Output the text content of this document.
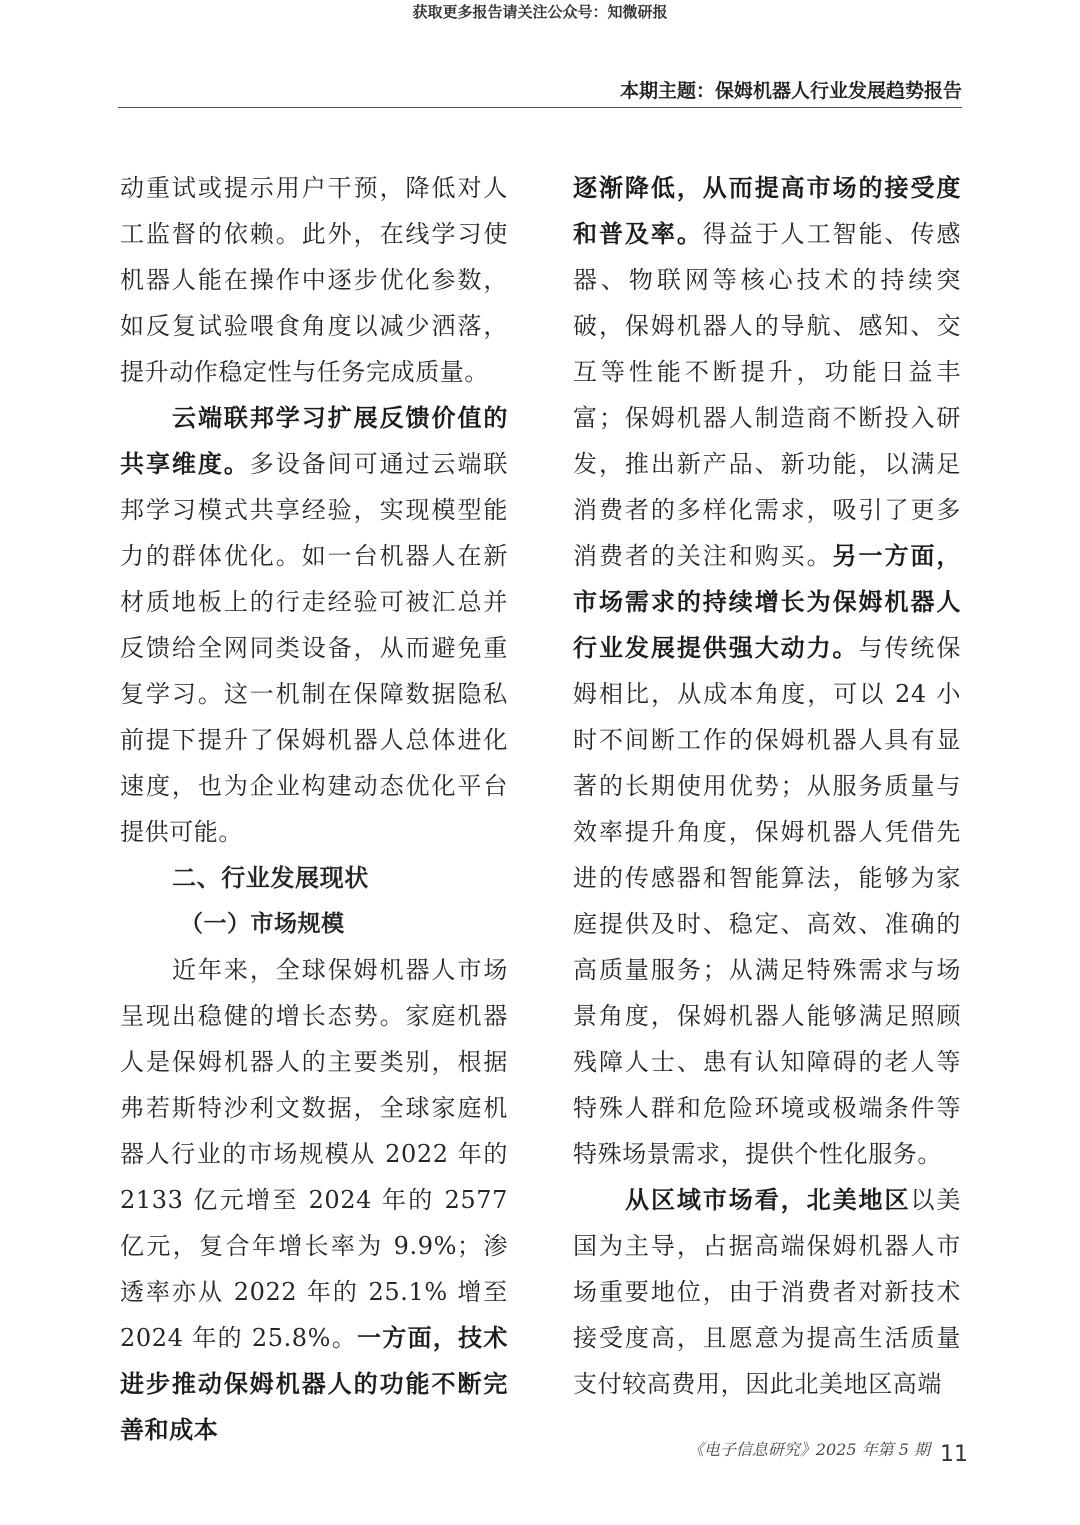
获取更多报告请关注公众号：知微研报
本期主题：保姆机器人行业发展趋势报告

动重试或提示用户干预，降低对人工监督的依赖。此外，在线学习使机器人能在操作中逐步优化参数，如反复试验喂食角度以减少洒落，提升动作稳定性与任务完成质量。

云端联邦学习扩展反馈价值的共享维度。多设备间可通过云端联邦学习模式共享经验，实现模型能力的群体优化。如一台机器人在新材质地板上的行走经验可被汇总并反馈给全网同类设备，从而避免重复学习。这一机制在保障数据隐私前提下提升了保姆机器人总体进化速度，也为企业构建动态优化平台提供可能。

二、行业发展现状
（一）市场规模

近年来，全球保姆机器人市场呈现出稳健的增长态势。家庭机器人是保姆机器人的主要类别，根据弗若斯特沙利文数据，全球家庭机器人行业的市场规模从 2022 年的 2133 亿元增至 2024 年的 2577 亿元，复合年增长率为 9.9%；渗透率亦从 2022 年的 25.1% 增至 2024 年的 25.8%。一方面，技术进步推动保姆机器人的功能不断完善和成本

逐渐降低，从而提高市场的接受度和普及率。得益于人工智能、传感器、物联网等核心技术的持续突破，保姆机器人的导航、感知、交互等性能不断提升，功能日益丰富；保姆机器人制造商不断投入研发，推出新产品、新功能，以满足消费者的多样化需求，吸引了更多消费者的关注和购买。另一方面，市场需求的持续增长为保姆机器人行业发展提供强大动力。与传统保姆相比，从成本角度，可以 24 小时不间断工作的保姆机器人具有显著的长期使用优势；从服务质量与效率提升角度，保姆机器人凭借先进的传感器和智能算法，能够为家庭提供及时、稳定、高效、准确的高质量服务；从满足特殊需求与场景角度，保姆机器人能够满足照顾残障人士、患有认知障碍的老人等特殊人群和危险环境或极端条件等特殊场景需求，提供个性化服务。

从区域市场看，北美地区以美国为主导，占据高端保姆机器人市场重要地位，由于消费者对新技术接受度高，且愿意为提高生活质量支付较高费用，因此北美地区高端

《电子信息研究》2025 年第 5 期 11
